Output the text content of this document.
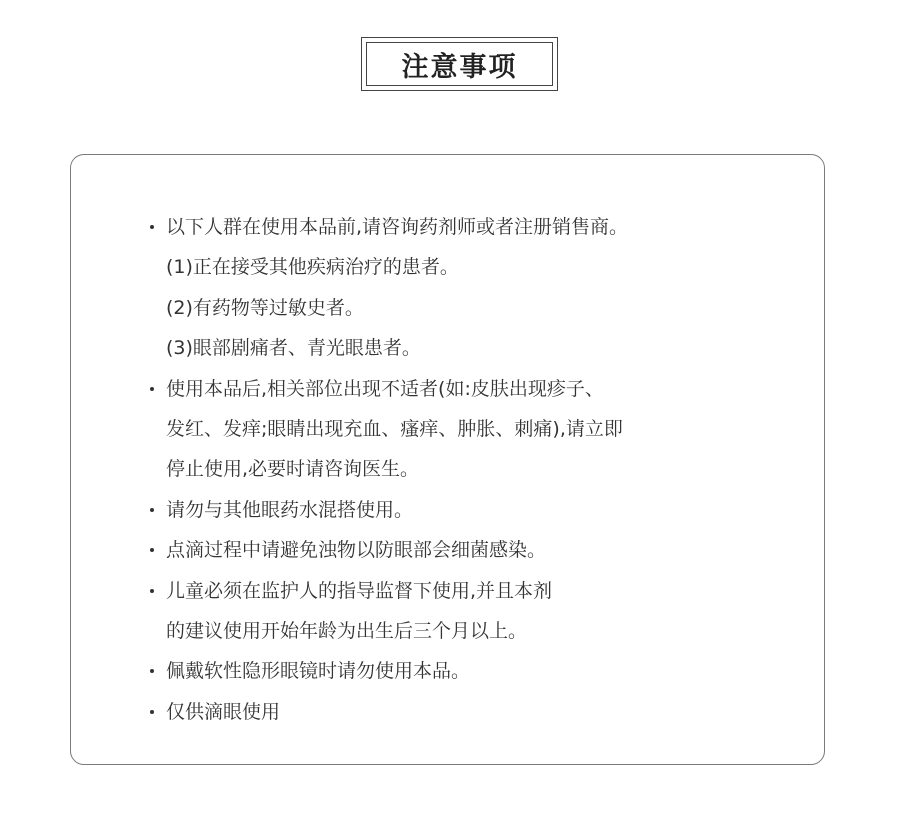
注意事项
以下人群在使用本品前,请咨询药剂师或者注册销售商。
(1)正在接受其他疾病治疗的患者。
(2)有药物等过敏史者。
(3)眼部剧痛者、青光眼患者。
使用本品后,相关部位出现不适者(如:皮肤出现疹子、
发红、发痒;眼睛出现充血、瘙痒、肿胀、刺痛),请立即
停止使用,必要时请咨询医生。
请勿与其他眼药水混搭使用。
点滴过程中请避免浊物以防眼部会细菌感染。
儿童必须在监护人的指导监督下使用,并且本剂
的建议使用开始年龄为出生后三个月以上。
佩戴软性隐形眼镜时请勿使用本品。
仅供滴眼使用
